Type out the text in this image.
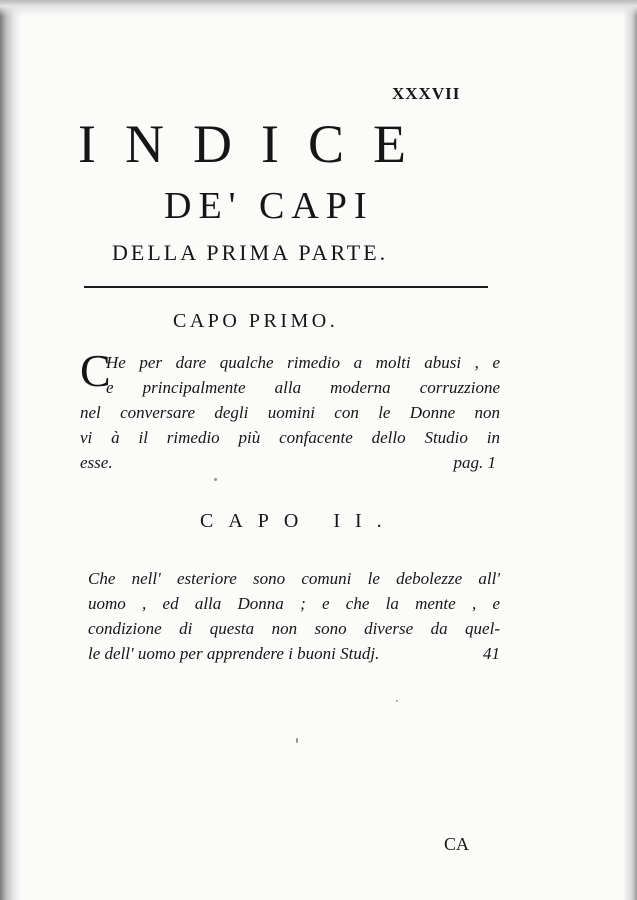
XXXVII
INDICE
DE' CAPI
DELLA PRIMA PARTE.
CAPO PRIMO.
C
He per dare qualche rimedio a molti abusi , e
e principalmente alla moderna corruzzione
nel conversare degli uomini con le Donne non
vi à il rimedio più confacente dello Studio in
esse.	pag. 1
CAPO II.
Che nell' esteriore sono comuni le debolezze all'
uomo , ed alla Donna ; e che la mente , e
condizione di questa non sono diverse da quel-
le dell' uomo per apprendere i buoni Studj.	41
CA
